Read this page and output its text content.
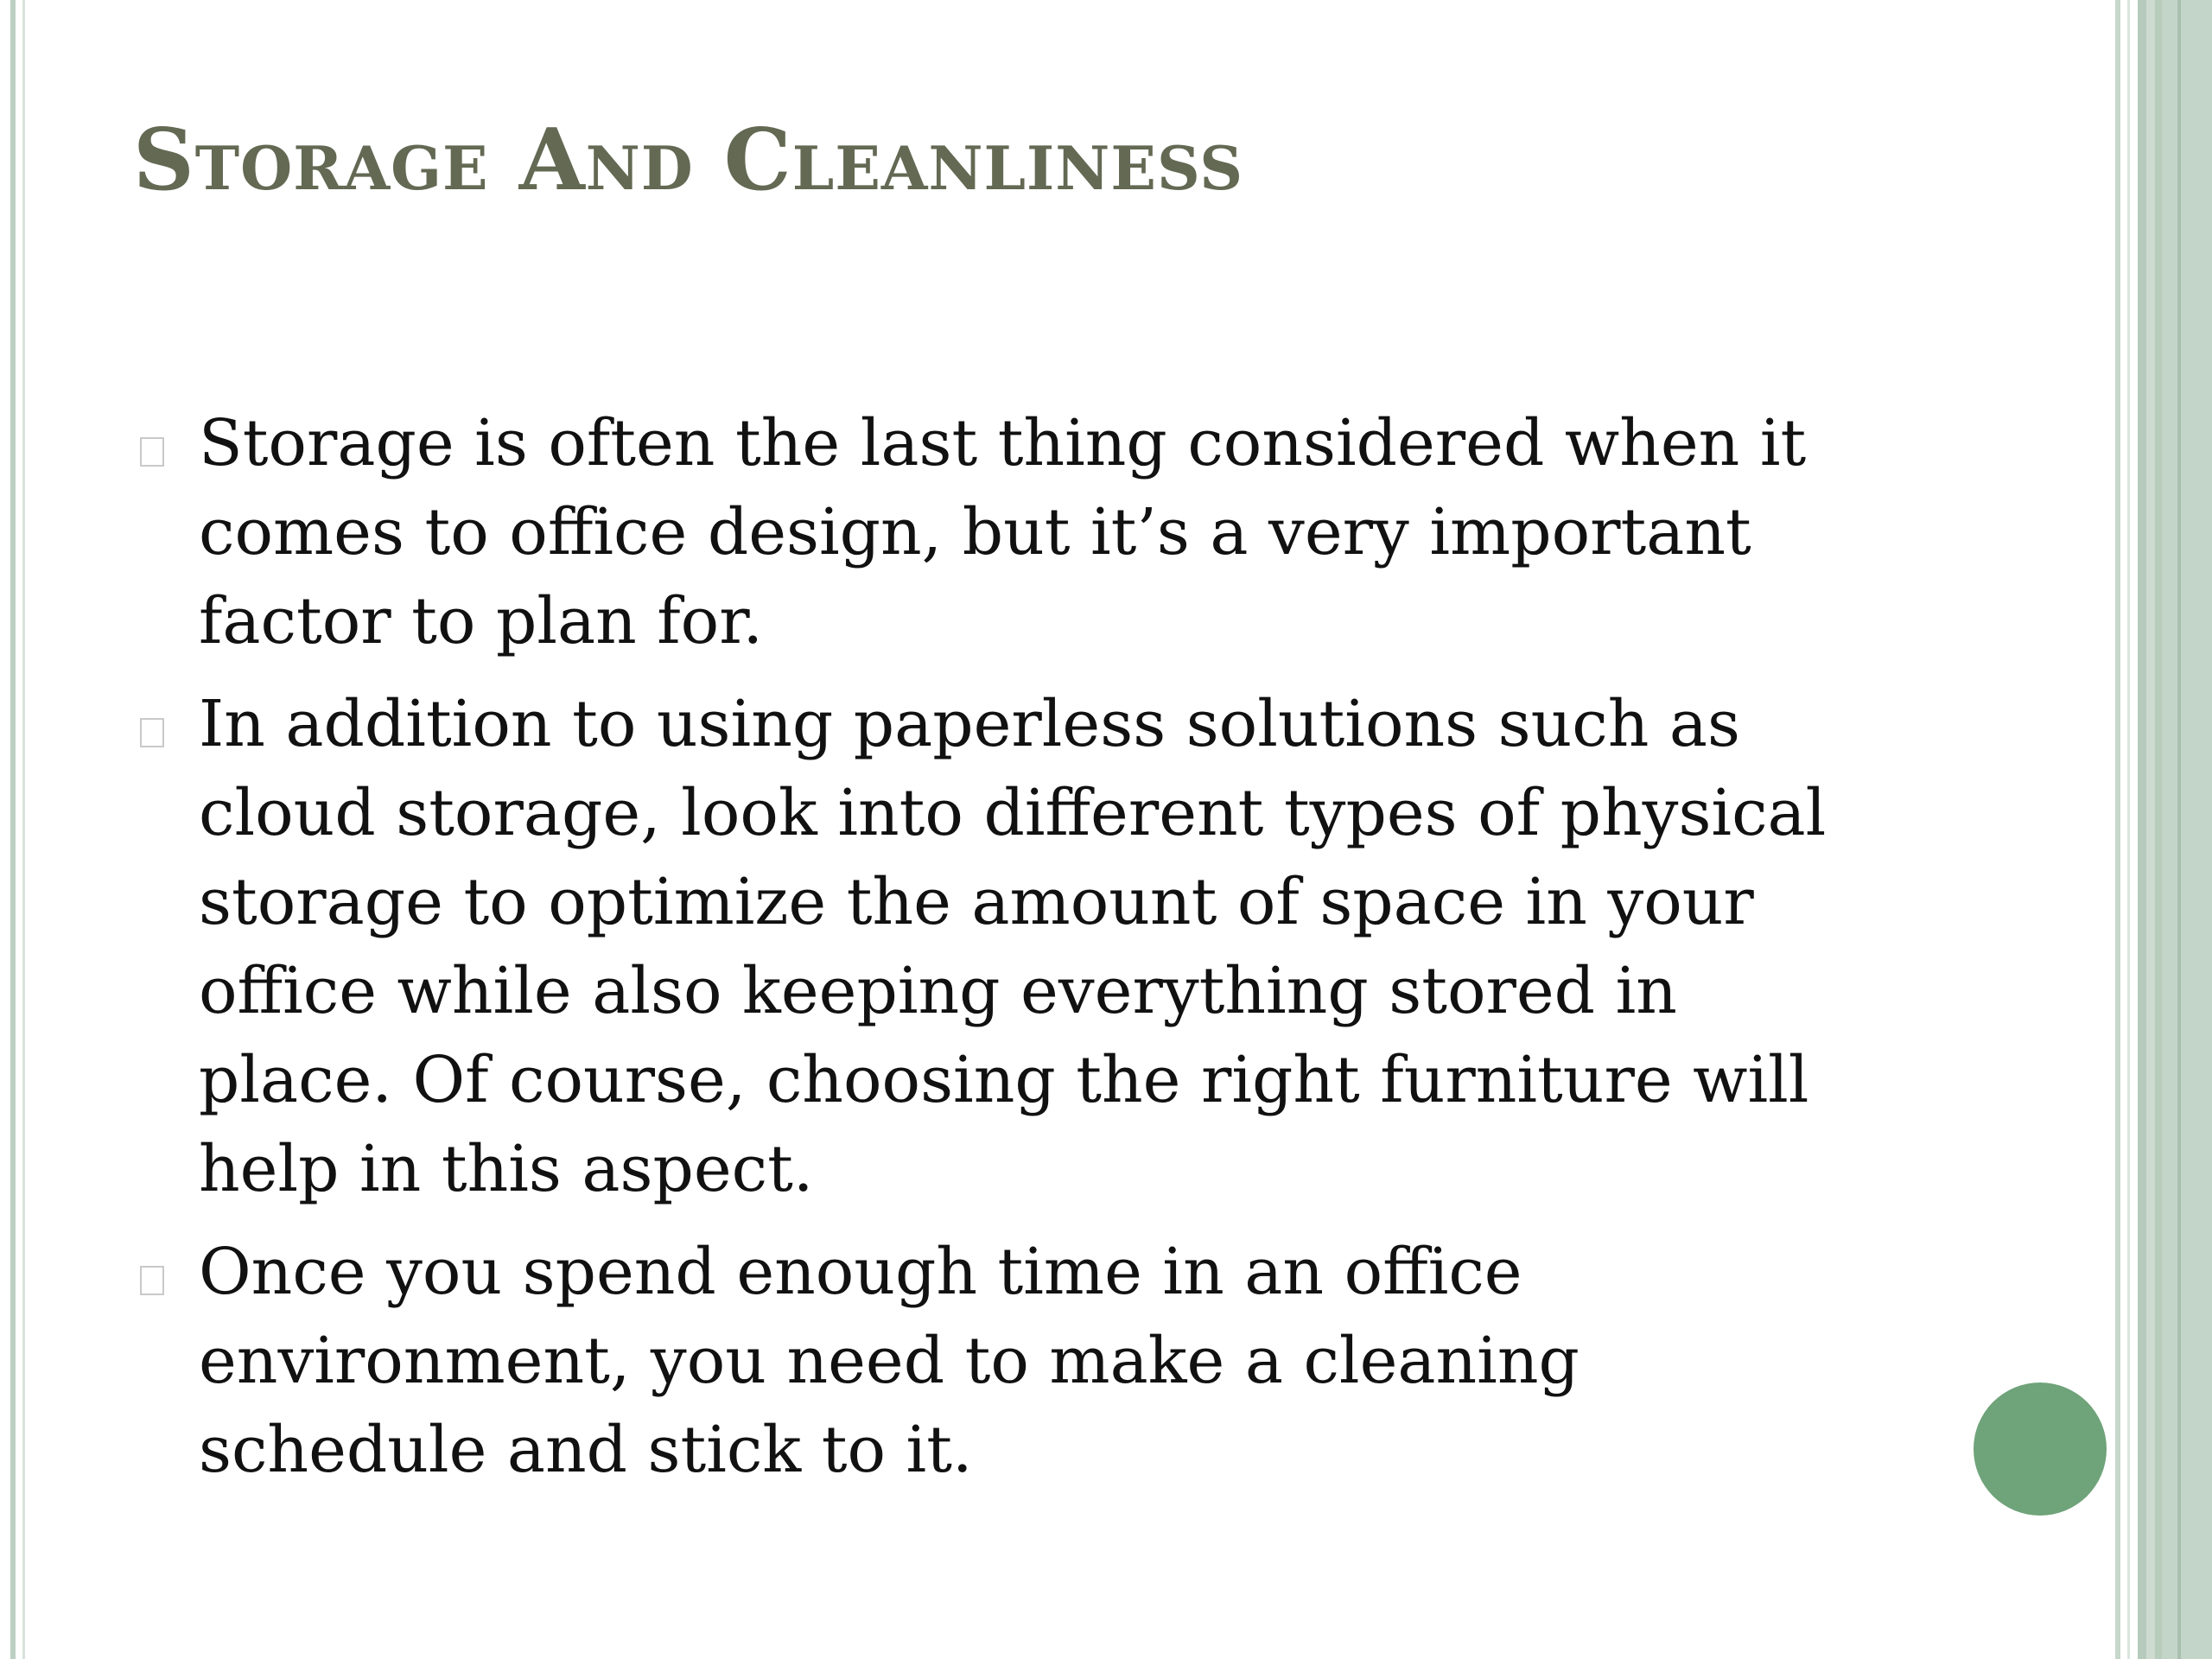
Storage And Cleanliness
Storage is often the last thing considered when it
comes to office design, but it’s a very important
factor to plan for.
In addition to using paperless solutions such as
cloud storage, look into different types of physical
storage to optimize the amount of space in your
office while also keeping everything stored in
place. Of course, choosing the right furniture will
help in this aspect.
Once you spend enough time in an office
environment, you need to make a cleaning
schedule and stick to it.
